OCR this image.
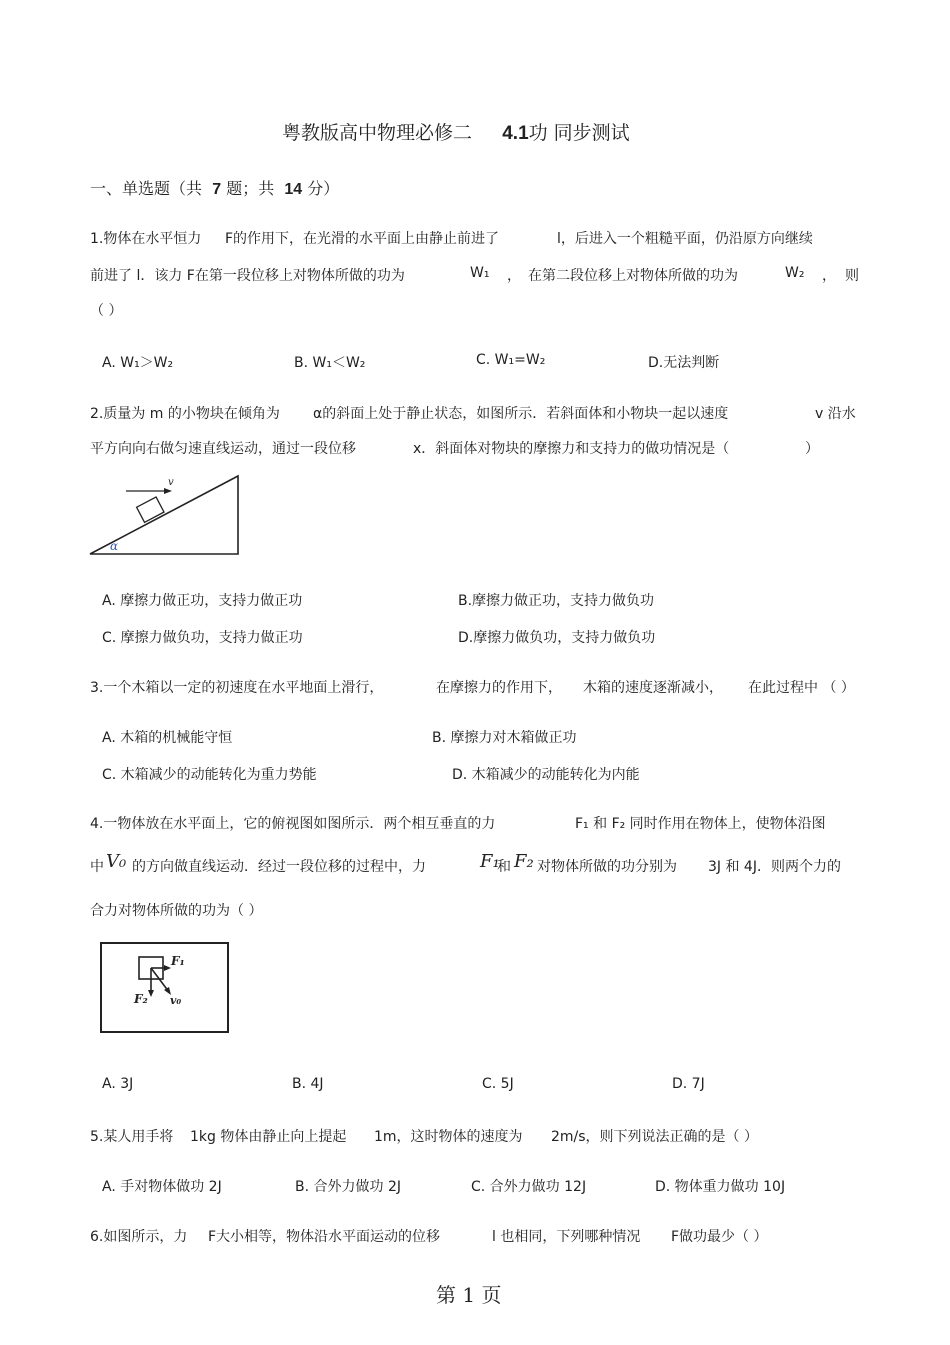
粤教版高中物理必修二 4.1功 同步测试
一、单选题（共 7 题；共 14 分）
1.物体在水平恒力 F的作用下，在光滑的水平面上由静止前进了	l，后进入一个粗糙平面，仍沿原方向继续
前进了 l．该力 F在第一段位移上对物体所做的功为	W₁ ， 在第二段位移上对物体所做的功为	W₂ ， 则
（ ）
A. W₁＞W₂	B. W₁＜W₂	C. W₁=W₂	D.无法判断
2.质量为 m 的小物块在倾角为 α的斜面上处于静止状态，如图所示．若斜面体和小物块一起以速度	v 沿水
平方向向右做匀速直线运动，通过一段位移	x．斜面体对物块的摩擦力和支持力的做功情况是（	）
v
α
A. 摩擦力做正功，支持力做正功	B.摩擦力做正功，支持力做负功
C. 摩擦力做负功，支持力做正功	D.摩擦力做负功，支持力做负功
3.一个木箱以一定的初速度在水平地面上滑行，	在摩擦力的作用下， 木箱的速度逐渐减小， 在此过程中 （ ）
A. 木箱的机械能守恒	B. 摩擦力对木箱做正功
C. 木箱减少的动能转化为重力势能	D. 木箱减少的动能转化为内能
4.一物体放在水平面上，它的俯视图如图所示．两个相互垂直的力	F₁ 和 F₂ 同时作用在物体上，使物体沿图
中 V₀ 的方向做直线运动．经过一段位移的过程中，力	F₁
和 F₂ 对物体所做的功分别为 3J 和 4J．则两个力的
合力对物体所做的功为（ ）
F₁
F₂ v₀
A. 3J	B. 4J	C. 5J	D. 7J
5.某人用手将 1kg 物体由静止向上提起 1m，这时物体的速度为 2m/s，则下列说法正确的是（ ）
A. 手对物体做功 2J	B. 合外力做功 2J	C. 合外力做功 12J	D. 物体重力做功 10J
6.如图所示，力 F大小相等，物体沿水平面运动的位移	l 也相同，下列哪种情况 F做功最少（ ）
第 1 页
